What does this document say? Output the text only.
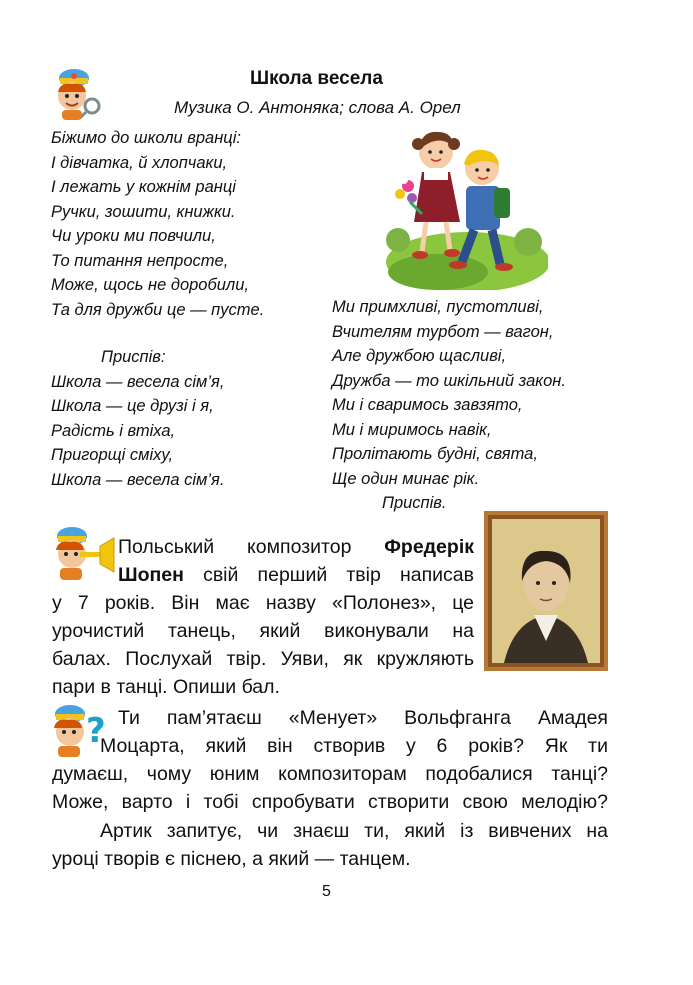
Школа весела
Музика О. Антоняка; слова А. Орел
Біжимо до школи вранці:
І дівчатка, й хлопчаки,
І лежать у кожнім ранці
Ручки, зошити, книжки.
Чи уроки ми повчили,
То питання непросте,
Може, щось не доробили,
Та для дружби це — пусте.
Приспів:
Школа — весела сім’я,
Школа — це друзі і я,
Радість і втіха,
Пригорщі сміху,
Школа — весела сім’я.
Ми примхливі, пустотливі,
Вчителям турбот — вагон,
Але дружбою щасливі,
Дружба — то шкільний закон.
Ми і сваримось завзято,
Ми і миримось навік,
Пролітають будні, свята,
Ще один минає рік.
Приспів.
Польський композитор Фредерік
Шопен свій перший твір написав
у 7 років. Він має назву «Полонез», це
урочистий танець, який виконували на
балах. Послухай твір. Уяви, як кружляють
пари в танці. Опиши бал.
? Ти пам’ятаєш «Менует» Вольфганга Амадея
Моцарта, який він створив у 6 років? Як ти
думаєш, чому юним композиторам подобалися танці?
Може, варто і тобі спробувати створити свою мелодію?
Артик запитує, чи знаєш ти, який із вивчених на
уроці творів є піснею, а який — танцем.
5
